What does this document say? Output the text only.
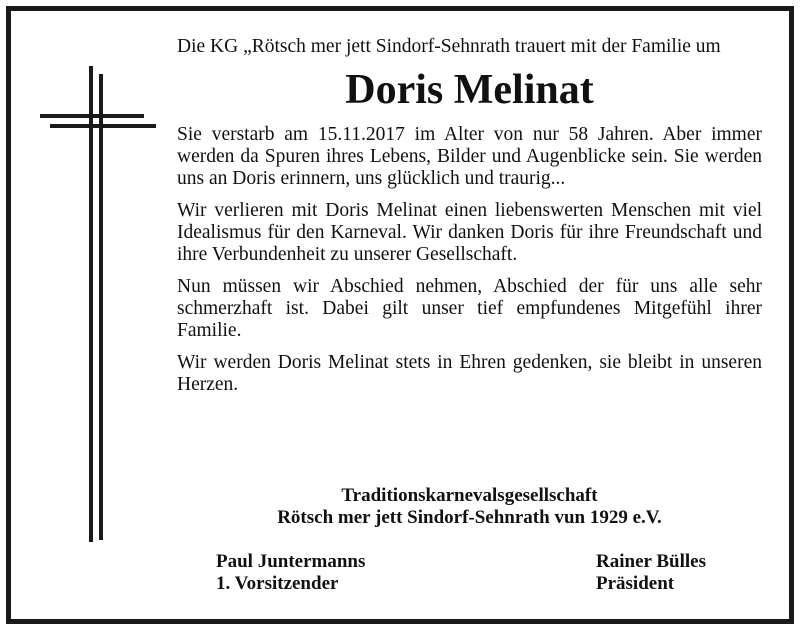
Die KG „Rötsch mer jett Sindorf-Sehnrath trauert mit der Familie um

Doris Melinat

Sie verstarb am 15.11.2017 im Alter von nur 58 Jahren. Aber immer werden da Spuren ihres Lebens, Bilder und Augenblicke sein. Sie werden uns an Doris erinnern, uns glücklich und traurig...

Wir verlieren mit Doris Melinat einen liebenswerten Menschen mit viel Idealismus für den Karneval. Wir danken Doris für ihre Freundschaft und ihre Verbundenheit zu unserer Gesellschaft.

Nun müssen wir Abschied nehmen, Abschied der für uns alle sehr schmerzhaft ist. Dabei gilt unser tief empfundenes Mitgefühl ihrer Familie.

Wir werden Doris Melinat stets in Ehren gedenken, sie bleibt in unseren Herzen.

Traditionskarnevalsgesellschaft
Rötsch mer jett Sindorf-Sehnrath vun 1929 e.V.
Paul Juntermanns
1. Vorsitzender
Rainer Bülles
Präsident
